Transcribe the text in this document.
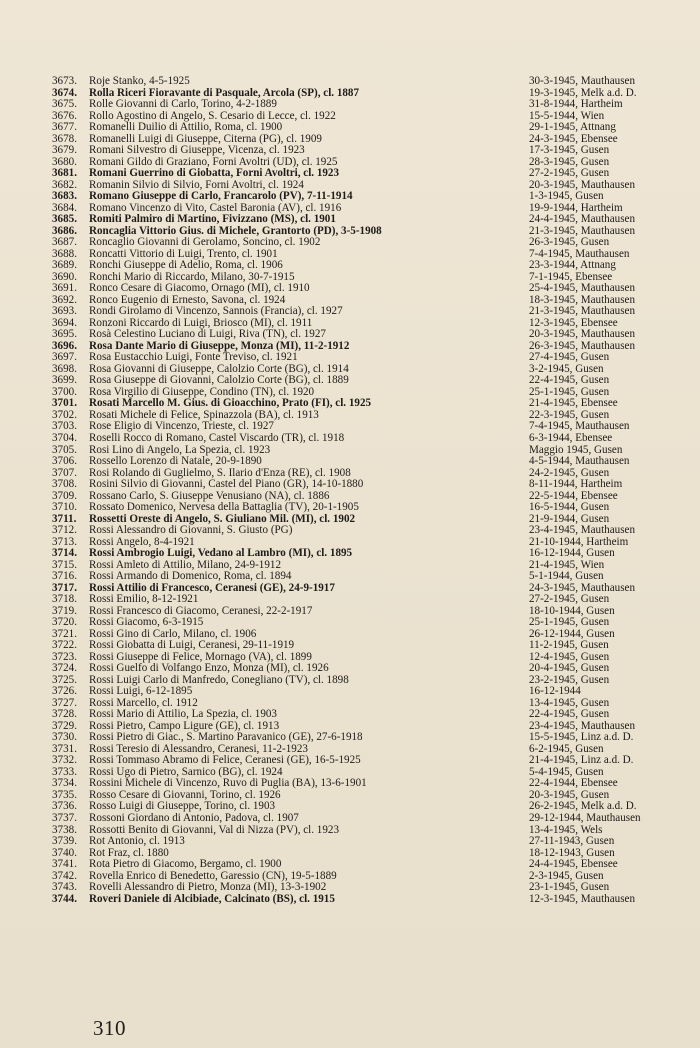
3673.	Roje Stanko, 4-5-1925	30-3-1945, Mauthausen
3674.	Rolla Riceri Fioravante di Pasquale, Arcola (SP), cl. 1887	19-3-1945, Melk a.d. D.
3675.	Rolle Giovanni di Carlo, Torino, 4-2-1889	31-8-1944, Hartheim
3676.	Rollo Agostino di Angelo, S. Cesario di Lecce, cl. 1922	15-5-1944, Wien
3677.	Romanelli Duilio di Attilio, Roma, cl. 1900	29-1-1945, Attnang
3678.	Romanelli Luigi di Giuseppe, Citerna (PG), cl. 1909	24-3-1945, Ebensee
3679.	Romani Silvestro di Giuseppe, Vicenza, cl. 1923	17-3-1945, Gusen
3680.	Romani Gildo di Graziano, Forni Avoltri (UD), cl. 1925	28-3-1945, Gusen
3681.	Romani Guerrino di Giobatta, Forni Avoltri, cl. 1923	27-2-1945, Gusen
3682.	Romanin Silvio di Silvio, Forni Avoltri, cl. 1924	20-3-1945, Mauthausen
3683.	Romano Giuseppe di Carlo, Francarolo (PV), 7-11-1914	1-3-1945, Gusen
3684.	Romano Vincenzo di Vito, Castel Baronia (AV), cl. 1916	19-9-1944, Hartheim
3685.	Romiti Palmiro di Martino, Fivizzano (MS), cl. 1901	24-4-1945, Mauthausen
3686.	Roncaglia Vittorio Gius. di Michele, Grantorto (PD), 3-5-1908	21-3-1945, Mauthausen
3687.	Roncaglio Giovanni di Gerolamo, Soncino, cl. 1902	26-3-1945, Gusen
3688.	Roncatti Vittorio di Luigi, Trento, cl. 1901	7-4-1945, Mauthausen
3689.	Ronchi Giuseppe di Adelio, Roma, cl. 1906	23-3-1944, Attnang
3690.	Ronchi Mario di Riccardo, Milano, 30-7-1915	7-1-1945, Ebensee
3691.	Ronco Cesare di Giacomo, Ornago (MI), cl. 1910	25-4-1945, Mauthausen
3692.	Ronco Eugenio di Ernesto, Savona, cl. 1924	18-3-1945, Mauthausen
3693.	Rondi Girolamo di Vincenzo, Sannois (Francia), cl. 1927	21-3-1945, Mauthausen
3694.	Ronzoni Riccardo di Luigi, Briosco (MI), cl. 1911	12-3-1945, Ebensee
3695.	Rosà Celestino Luciano di Luigi, Riva (TN), cl. 1927	20-3-1945, Mauthausen
3696.	Rosa Dante Mario di Giuseppe, Monza (MI), 11-2-1912	26-3-1945, Mauthausen
3697.	Rosa Eustacchio Luigi, Fonte Treviso, cl. 1921	27-4-1945, Gusen
3698.	Rosa Giovanni di Giuseppe, Calolzio Corte (BG), cl. 1914	3-2-1945, Gusen
3699.	Rosa Giuseppe di Giovanni, Calolzio Corte (BG), cl. 1889	22-4-1945, Gusen
3700.	Rosa Virgilio di Giuseppe, Condino (TN), cl. 1920	25-1-1945, Gusen
3701.	Rosati Marcello M. Gius. di Gioacchino, Prato (FI), cl. 1925	21-4-1945, Ebensee
3702.	Rosati Michele di Felice, Spinazzola (BA), cl. 1913	22-3-1945, Gusen
3703.	Rose Eligio di Vincenzo, Trieste, cl. 1927	7-4-1945, Mauthausen
3704.	Roselli Rocco di Romano, Castel Viscardo (TR), cl. 1918	6-3-1944, Ebensee
3705.	Rosi Lino di Angelo, La Spezia, cl. 1923	Maggio 1945, Gusen
3706.	Rossello Lorenzo di Natale, 20-9-1890	4-5-1944, Mauthausen
3707.	Rosi Rolando di Guglielmo, S. Ilario d'Enza (RE), cl. 1908	24-2-1945, Gusen
3708.	Rosini Silvio di Giovanni, Castel del Piano (GR), 14-10-1880	8-11-1944, Hartheim
3709.	Rossano Carlo, S. Giuseppe Venusiano (NA), cl. 1886	22-5-1944, Ebensee
3710.	Rossato Domenico, Nervesa della Battaglia (TV), 20-1-1905	16-5-1944, Gusen
3711.	Rossetti Oreste di Angelo, S. Giuliano Mil. (MI), cl. 1902	21-9-1944, Gusen
3712.	Rossi Alessandro di Giovanni, S. Giusto (PG)	23-4-1945, Mauthausen
3713.	Rossi Angelo, 8-4-1921	21-10-1944, Hartheim
3714.	Rossi Ambrogio Luigi, Vedano al Lambro (MI), cl. 1895	16-12-1944, Gusen
3715.	Rossi Amleto di Attilio, Milano, 24-9-1912	21-4-1945, Wien
3716.	Rossi Armando di Domenico, Roma, cl. 1894	5-1-1944, Gusen
3717.	Rossi Attilio di Francesco, Ceranesi (GE), 24-9-1917	24-3-1945, Mauthausen
3718.	Rossi Emilio, 8-12-1921	27-2-1945, Gusen
3719.	Rossi Francesco di Giacomo, Ceranesi, 22-2-1917	18-10-1944, Gusen
3720.	Rossi Giacomo, 6-3-1915	25-1-1945, Gusen
3721.	Rossi Gino di Carlo, Milano, cl. 1906	26-12-1944, Gusen
3722.	Rossi Giobatta di Luigi, Ceranesi, 29-11-1919	11-2-1945, Gusen
3723.	Rossi Giuseppe di Felice, Mornago (VA), cl. 1899	12-4-1945, Gusen
3724.	Rossi Guelfo di Volfango Enzo, Monza (MI), cl. 1926	20-4-1945, Gusen
3725.	Rossi Luigi Carlo di Manfredo, Conegliano (TV), cl. 1898	23-2-1945, Gusen
3726.	Rossi Luigi, 6-12-1895	16-12-1944
3727.	Rossi Marcello, cl. 1912	13-4-1945, Gusen
3728.	Rossi Mario di Attilio, La Spezia, cl. 1903	22-4-1945, Gusen
3729.	Rossi Pietro, Campo Ligure (GE), cl. 1913	23-4-1945, Mauthausen
3730.	Rossi Pietro di Giac., S. Martino Paravanico (GE), 27-6-1918	15-5-1945, Linz a.d. D.
3731.	Rossi Teresio di Alessandro, Ceranesi, 11-2-1923	6-2-1945, Gusen
3732.	Rossi Tommaso Abramo di Felice, Ceranesi (GE), 16-5-1925	21-4-1945, Linz a.d. D.
3733.	Rossi Ugo di Pietro, Sarnico (BG), cl. 1924	5-4-1945, Gusen
3734.	Rossini Michele di Vincenzo, Ruvo di Puglia (BA), 13-6-1901	22-4-1944, Ebensee
3735.	Rosso Cesare di Giovanni, Torino, cl. 1926	20-3-1945, Gusen
3736.	Rosso Luigi di Giuseppe, Torino, cl. 1903	26-2-1945, Melk a.d. D.
3737.	Rossoni Giordano di Antonio, Padova, cl. 1907	29-12-1944, Mauthausen
3738.	Rossotti Benito di Giovanni, Val di Nizza (PV), cl. 1923	13-4-1945, Wels
3739.	Rot Antonio, cl. 1913	27-11-1943, Gusen
3740.	Rot Fraz, cl. 1880	18-12-1943, Gusen
3741.	Rota Pietro di Giacomo, Bergamo, cl. 1900	24-4-1945, Ebensee
3742.	Rovella Enrico di Benedetto, Garessio (CN), 19-5-1889	2-3-1945, Gusen
3743.	Rovelli Alessandro di Pietro, Monza (MI), 13-3-1902	23-1-1945, Gusen
3744.	Roveri Daniele di Alcibiade, Calcinato (BS), cl. 1915	12-3-1945, Mauthausen
310
